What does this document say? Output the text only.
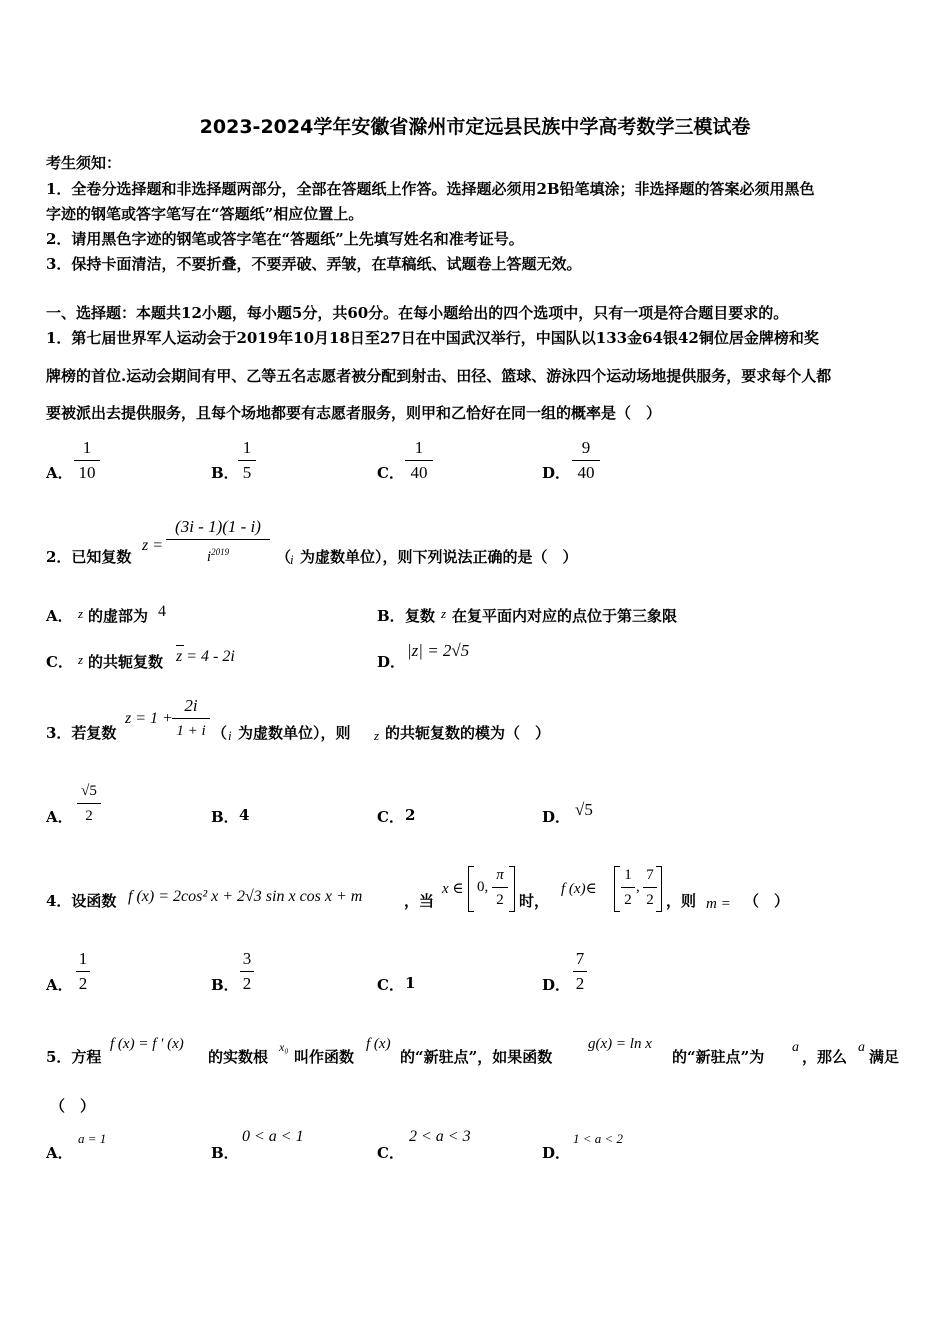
2023-2024学年安徽省滁州市定远县民族中学高考数学三模试卷
考生须知：
1．全卷分选择题和非选择题两部分，全部在答题纸上作答。选择题必须用2B铅笔填涂；非选择题的答案必须用黑色
字迹的钢笔或答字笔写在“答题纸”相应位置上。
2．请用黑色字迹的钢笔或答字笔在“答题纸”上先填写姓名和准考证号。
3．保持卡面清洁，不要折叠，不要弄破、弄皱，在草稿纸、试题卷上答题无效。
一、选择题：本题共12小题，每小题5分，共60分。在每小题给出的四个选项中，只有一项是符合题目要求的。
1．第七届世界军人运动会于2019年10月18日至27日在中国武汉举行，中国队以133金64银42铜位居金牌榜和奖
牌榜的首位.运动会期间有甲、乙等五名志愿者被分配到射击、田径、篮球、游泳四个运动场地提供服务，要求每个人都
要被派出去提供服务，且每个场地都要有志愿者服务，则甲和乙恰好在同一组的概率是（　）
A．
1
10	B．
1
5	C．
1
40	D．
9
40
2．已知复数
z =
(3i - 1)(1 - i)
$i^{2019}$	（
i 为虚数单位），则下列说法正确的是（　）
A． z 的虚部为 4	B． 复数 z 在复平面内对应的点位于第三象限
C． z 的共轭复数 z = 4 - 2i	D．
|z| = 2√5
3．若复数
z = 1 +
2i
1 + i （ i 为虚数单位），则 z 的共轭复数的模为（　）
A．
√5
2	B． 4	C． 2	D． √5
4．设函数 f (x) = 2cos² x + 2√3 sin x cos x + m	，当
x ∈ 0,
π
2 时，
f (x)∈
1
2
,
7
2 ，则 m = （　）
A．
1
2	B．
3
2	C． 1	D．
7
2
5．方程
f (x) = f ′ (x)
的实数根
x₀
叫作函数
f (x)
的“新驻点”，如果函数
g(x) = ln x
的“新驻点”为
a
，那么
a
满足
（　）
A．
a = 1
B．
0 < a < 1
C．
2 < a < 3
D．
1 < a < 2
